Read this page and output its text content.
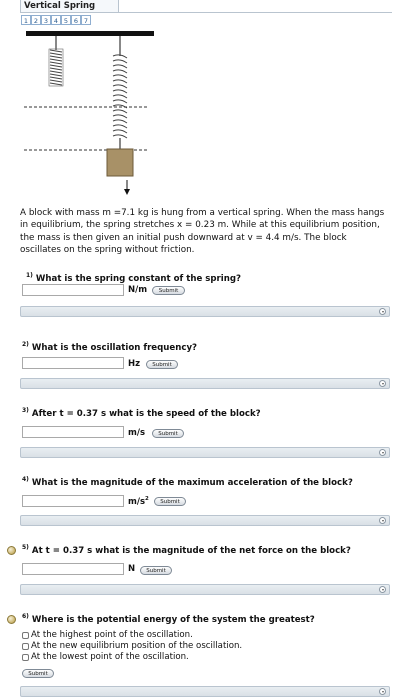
Vertical Spring
1 2 3 4 5 6 7
A block with mass m =7.1 kg is hung from a vertical spring. When the mass hangs in equilibrium, the spring stretches x = 0.23 m. While at this equilibrium position, the mass is then given an initial push downward at v = 4.4 m/s. The block oscillates on the spring without friction.
$^{1)}$ What is the spring constant of the spring?
N/m	Submit
$^{2)}$ What is the oscillation frequency?
Hz	Submit
$^{3)}$ After t = 0.37 s what is the speed of the block?
m/s	Submit
$^{4)}$ What is the magnitude of the maximum acceleration of the block?
$m/s^2$	Submit
$^{5)}$ At t = 0.37 s what is the magnitude of the net force on the block?
N	Submit
$^{6)}$ Where is the potential energy of the system the greatest?
At the highest point of the oscillation.
At the new equilibrium position of the oscillation.
At the lowest point of the oscillation.
Submit
